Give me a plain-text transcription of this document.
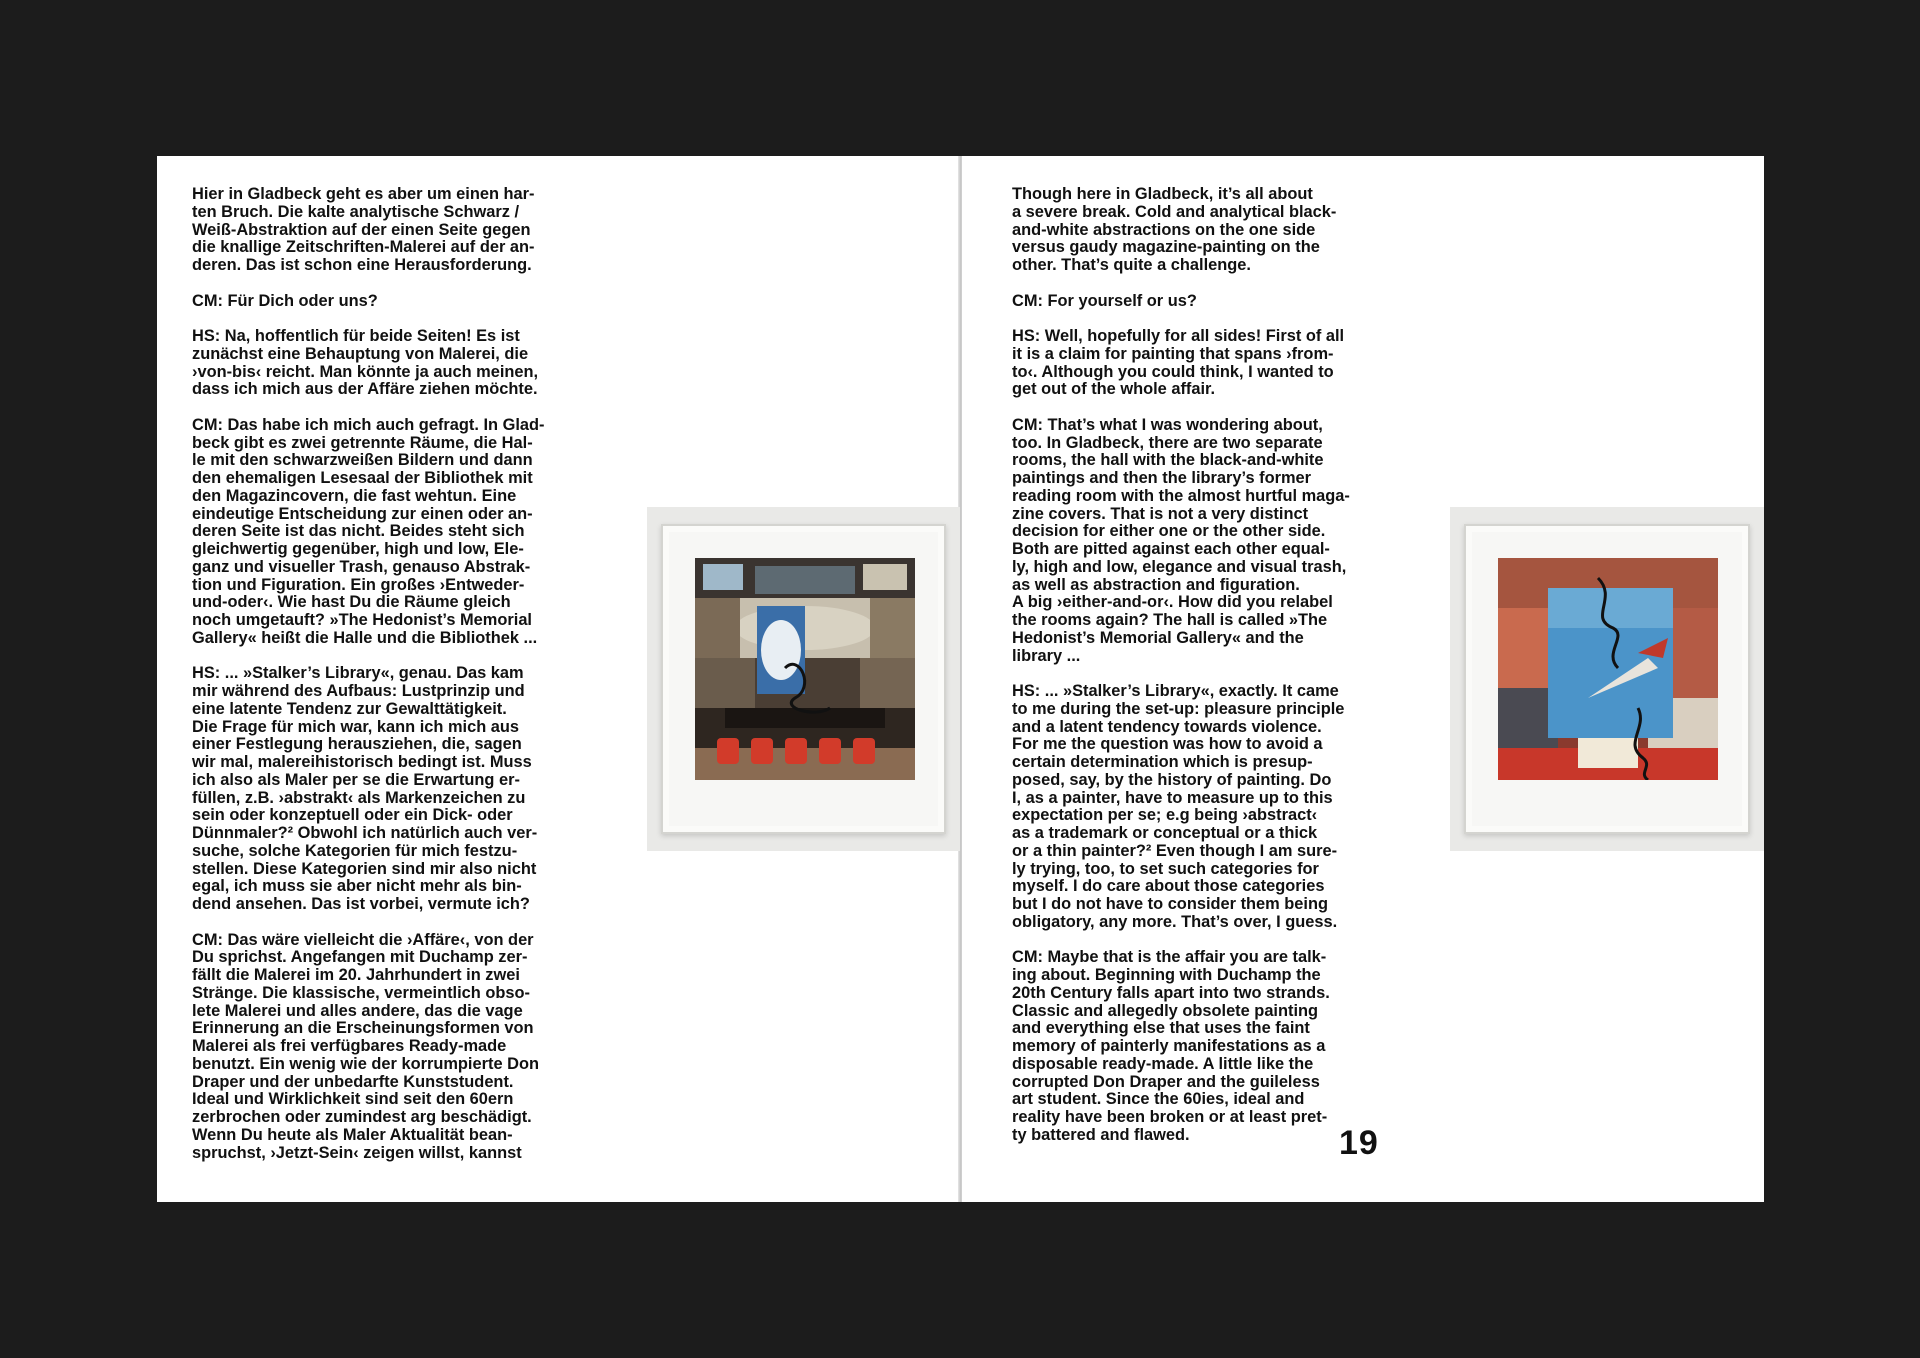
Hier in Gladbeck geht es aber um einen har-
ten Bruch. Die kalte analytische Schwarz /
Weiß-Abstraktion auf der einen Seite gegen
die knallige Zeitschriften-Malerei auf der an-
deren. Das ist schon eine Herausforderung.

CM: Für Dich oder uns?

HS: Na, hoffentlich für beide Seiten! Es ist
zunächst eine Behauptung von Malerei, die
›von-bis‹ reicht. Man könnte ja auch meinen,
dass ich mich aus der Affäre ziehen möchte.

CM: Das habe ich mich auch gefragt. In Glad-
beck gibt es zwei getrennte Räume, die Hal-
le mit den schwarzweißen Bildern und dann
den ehemaligen Lesesaal der Bibliothek mit
den Magazincovern, die fast wehtun. Eine
eindeutige Entscheidung zur einen oder an-
deren Seite ist das nicht. Beides steht sich
gleichwertig gegenüber, high und low, Ele-
ganz und visueller Trash, genauso Abstrak-
tion und Figuration. Ein großes ›Entweder-
und-oder‹. Wie hast Du die Räume gleich
noch umgetauft? »The Hedonist’s Memorial
Gallery« heißt die Halle und die Bibliothek ...

HS: ... »Stalker’s Library«, genau. Das kam
mir während des Aufbaus: Lustprinzip und
eine latente Tendenz zur Gewalttätigkeit.
Die Frage für mich war, kann ich mich aus
einer Festlegung herausziehen, die, sagen
wir mal, malereihistorisch bedingt ist. Muss
ich also als Maler per se die Erwartung er-
füllen, z.B. ›abstrakt‹ als Markenzeichen zu
sein oder konzeptuell oder ein Dick- oder
Dünnmaler?² Obwohl ich natürlich auch ver-
suche, solche Kategorien für mich festzu-
stellen. Diese Kategorien sind mir also nicht
egal, ich muss sie aber nicht mehr als bin-
dend ansehen. Das ist vorbei, vermute ich?

CM: Das wäre vielleicht die ›Affäre‹, von der
Du sprichst. Angefangen mit Duchamp zer-
fällt die Malerei im 20. Jahrhundert in zwei
Stränge. Die klassische, vermeintlich obso-
lete Malerei und alles andere, das die vage
Erinnerung an die Erscheinungsformen von
Malerei als frei verfügbares Ready-made
benutzt. Ein wenig wie der korrumpierte Don
Draper und der unbedarfte Kunststudent.
Ideal und Wirklichkeit sind seit den 60ern
zerbrochen oder zumindest arg beschädigt.
Wenn Du heute als Maler Aktualität bean-
spruchst, ›Jetzt-Sein‹ zeigen willst, kannst

Though here in Gladbeck, it’s all about
a severe break. Cold and analytical black-
and-white abstractions on the one side
versus gaudy magazine-painting on the
other. That’s quite a challenge.

CM: For yourself or us?

HS: Well, hopefully for all sides! First of all
it is a claim for painting that spans ›from-
to‹. Although you could think, I wanted to
get out of the whole affair.

CM: That’s what I was wondering about,
too. In Gladbeck, there are two separate
rooms, the hall with the black-and-white
paintings and then the library’s former
reading room with the almost hurtful maga-
zine covers. That is not a very distinct
decision for either one or the other side.
Both are pitted against each other equal-
ly, high and low, elegance and visual trash,
as well as abstraction and figuration.
A big ›either-and-or‹. How did you relabel
the rooms again? The hall is called »The
Hedonist’s Memorial Gallery« and the
library ...

HS: ... »Stalker’s Library«, exactly. It came
to me during the set-up: pleasure principle
and a latent tendency towards violence.
For me the question was how to avoid a
certain determination which is presup-
posed, say, by the history of painting. Do
I, as a painter, have to measure up to this
expectation per se; e.g being ›abstract‹
as a trademark or conceptual or a thick
or a thin painter?² Even though I am sure-
ly trying, too, to set such categories for
myself. I do care about those categories
but I do not have to consider them being
obligatory, any more. That’s over, I guess.

CM: Maybe that is the affair you are talk-
ing about. Beginning with Duchamp the
20th Century falls apart into two strands.
Classic and allegedly obsolete painting
and everything else that uses the faint
memory of painterly manifestations as a
disposable ready-made. A little like the
corrupted Don Draper and the guileless
art student. Since the 60ies, ideal and
reality have been broken or at least pret-
ty battered and flawed.	19
